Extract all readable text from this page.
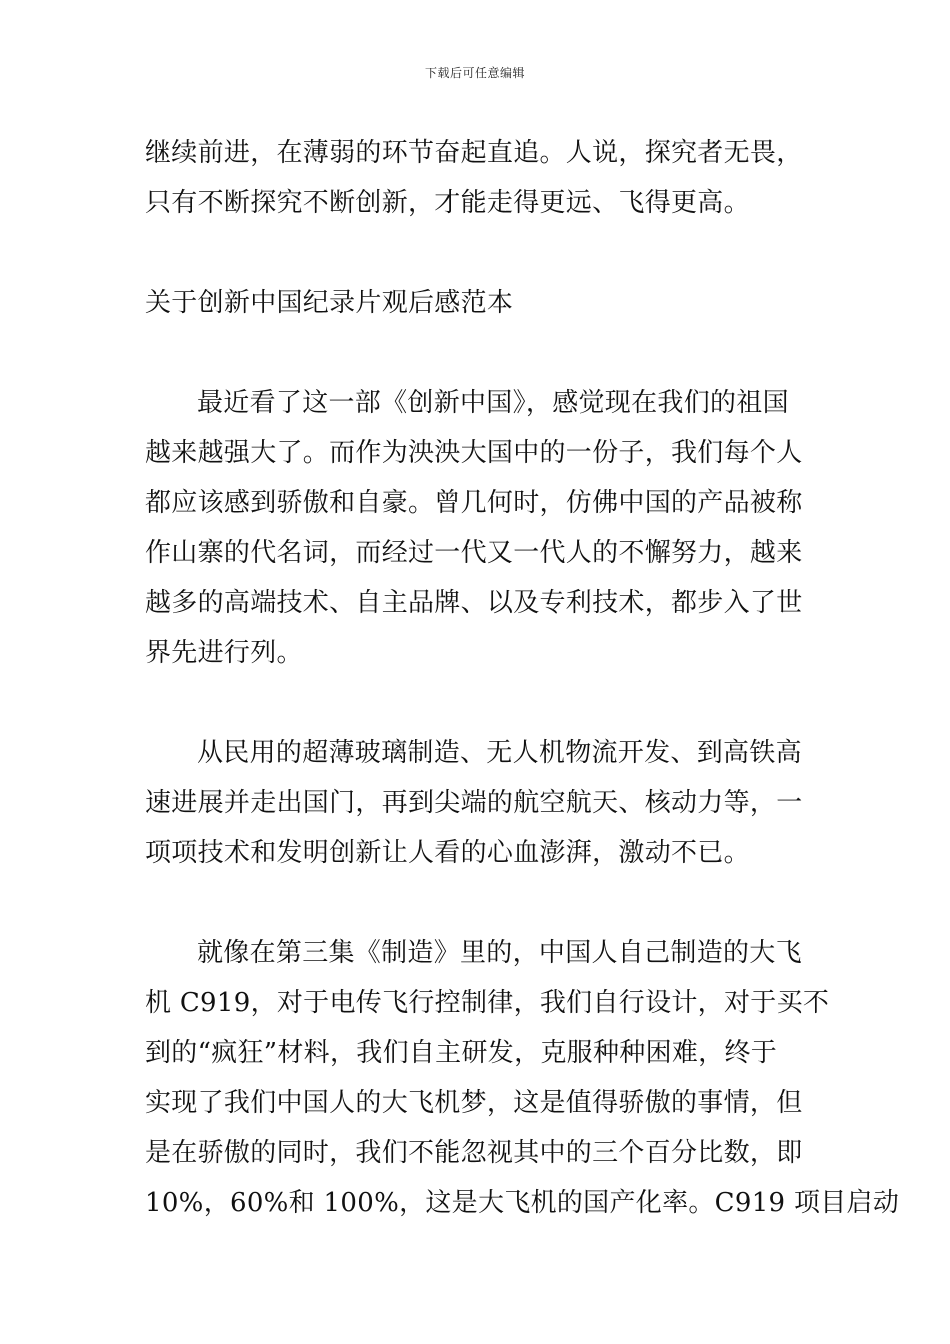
下载后可任意编辑
继续前进，在薄弱的环节奋起直追。人说，探究者无畏，
只有不断探究不断创新，才能走得更远、飞得更高。
关于创新中国纪录片观后感范本
最近看了这一部《创新中国》，感觉现在我们的祖国
越来越强大了。而作为泱泱大国中的一份子，我们每个人
都应该感到骄傲和自豪。曾几何时，仿佛中国的产品被称
作山寨的代名词，而经过一代又一代人的不懈努力，越来
越多的高端技术、自主品牌、以及专利技术，都步入了世
界先进行列。
从民用的超薄玻璃制造、无人机物流开发、到高铁高
速进展并走出国门，再到尖端的航空航天、核动力等，一
项项技术和发明创新让人看的心血澎湃，激动不已。
就像在第三集《制造》里的，中国人自己制造的大飞
机 C919，对于电传飞行控制律，我们自行设计，对于买不
到的“疯狂”材料，我们自主研发，克服种种困难，终于
实现了我们中国人的大飞机梦，这是值得骄傲的事情，但
是在骄傲的同时，我们不能忽视其中的三个百分比数，即
10%，60%和 100%，这是大飞机的国产化率。C919 项目启动
